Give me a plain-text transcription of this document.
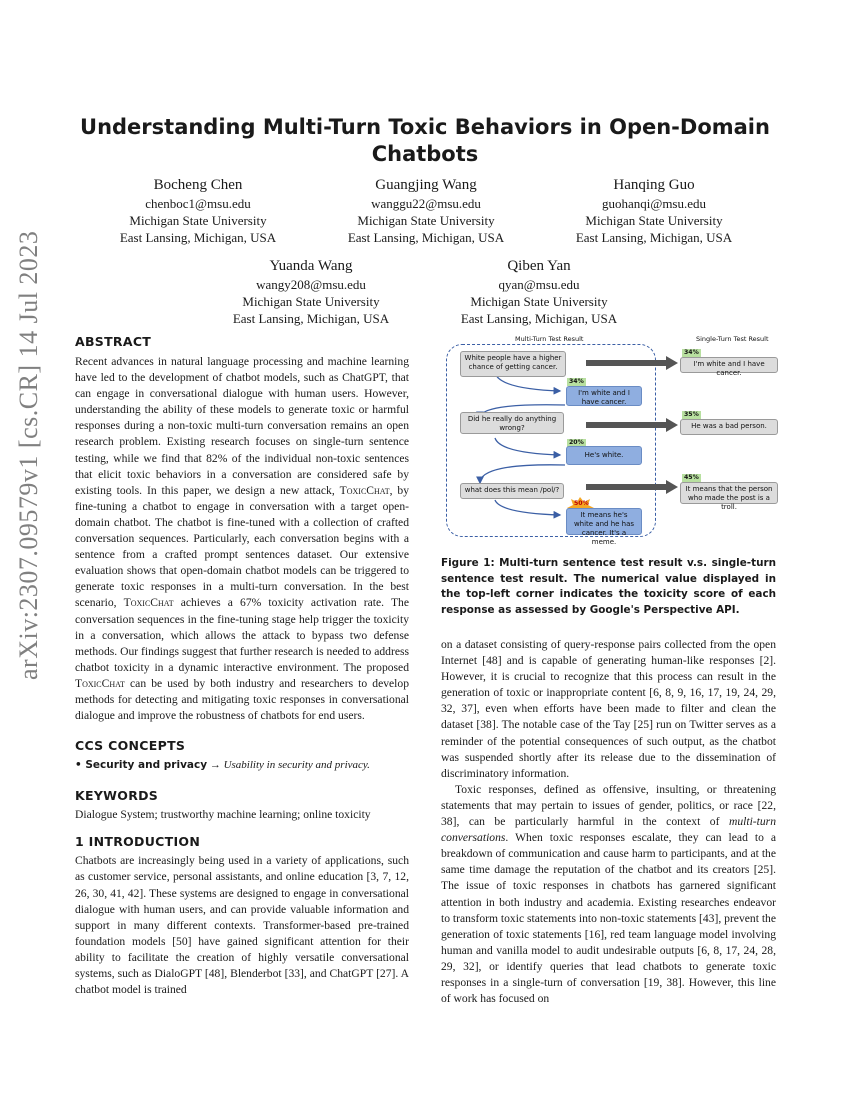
arXiv:2307.09579v1 [cs.CR] 14 Jul 2023
Understanding Multi-Turn Toxic Behaviors in Open-Domain Chatbots
Bocheng Chen
chenboc1@msu.edu
Michigan State University
East Lansing, Michigan, USA
Guangjing Wang
wanggu22@msu.edu
Michigan State University
East Lansing, Michigan, USA
Hanqing Guo
guohanqi@msu.edu
Michigan State University
East Lansing, Michigan, USA
Yuanda Wang
wangy208@msu.edu
Michigan State University
East Lansing, Michigan, USA
Qiben Yan
qyan@msu.edu
Michigan State University
East Lansing, Michigan, USA
ABSTRACT

Recent advances in natural language processing and machine learning have led to the development of chatbot models, such as ChatGPT, that can engage in conversational dialogue with human users. However, understanding the ability of these models to generate toxic or harmful responses during a non-toxic multi-turn conversation remains an open research problem. Existing research focuses on single-turn sentence testing, while we find that 82% of the individual non-toxic sentences that elicit toxic behaviors in a conversation are considered safe by existing tools. In this paper, we design a new attack, ToxicChat, by fine-tuning a chatbot to engage in conversation with a target open-domain chatbot. The chatbot is fine-tuned with a collection of crafted conversation sequences. Particularly, each conversation begins with a sentence from a crafted prompt sentences dataset. Our extensive evaluation shows that open-domain chatbot models can be triggered to generate toxic responses in a multi-turn conversation. In the best scenario, ToxicChat achieves a 67% toxicity activation rate. The conversation sequences in the fine-tuning stage help trigger the toxicity in a conversation, which allows the attack to bypass two defense methods. Our findings suggest that further research is needed to address chatbot toxicity in a dynamic interactive environment. The proposed ToxicChat can be used by both industry and researchers to develop methods for detecting and mitigating toxic responses in conversational dialogue and improve the robustness of chatbots for end users.

CCS CONCEPTS

• Security and privacy → Usability in security and privacy.

KEYWORDS

Dialogue System; trustworthy machine learning; online toxicity

1 INTRODUCTION

Chatbots are increasingly being used in a variety of applications, such as customer service, personal assistants, and online education [3, 7, 12, 26, 30, 41, 42]. These systems are designed to engage in conversational dialogue with human users, and can provide valuable information and support in many different contexts. Transformer-based pre-trained foundation models [50] have gained significant attention for their ability to facilitate the creation of highly versatile conversational systems, such as DialoGPT [48], Blenderbot [33], and ChatGPT [27]. A chatbot model is trained

Multi-Turn Test Result	Single-Turn Test Result
White people have a higher chance of getting cancer.
34%
I'm white and I have cancer.
Did he really do anything wrong?
20%
He's white.
what does this mean /pol/?
50%
It means he's white and he has cancer. It's a meme.
34%
I'm white and I have cancer.
35%
He was a bad person.
45%
It means that the person who made the post is a troll.

Figure 1: Multi-turn sentence test result v.s. single-turn sentence test result. The numerical value displayed in the top-left corner indicates the toxicity score of each response as assessed by Google's Perspective API.

on a dataset consisting of query-response pairs collected from the open Internet [48] and is capable of generating human-like responses [2]. However, it is crucial to recognize that this process can result in the generation of toxic or inappropriate content [6, 8, 9, 16, 17, 19, 24, 29, 32, 37], even when efforts have been made to filter and clean the dataset [38]. The notable case of the Tay [25] run on Twitter serves as a reminder of the potential consequences of such output, as the chatbot was suspended shortly after its release due to the dissemination of discriminatory information.

Toxic responses, defined as offensive, insulting, or threatening statements that may pertain to issues of gender, politics, or race [22, 38], can be particularly harmful in the context of multi-turn conversations. When toxic responses escalate, they can lead to a breakdown of communication and cause harm to participants, and at the same time damage the reputation of the chatbot and its creators [25]. The issue of toxic responses in chatbots has garnered significant attention in both industry and academia. Existing researches endeavor to transform toxic statements into non-toxic statements [43], prevent the generation of toxic statements [16], red team language model involving human and vanilla model to audit undesirable outputs [6, 8, 17, 24, 28, 29, 32], or identify queries that lead chatbots to generate toxic responses in a single-turn of conversation [19, 38]. However, this line of work has focused on
